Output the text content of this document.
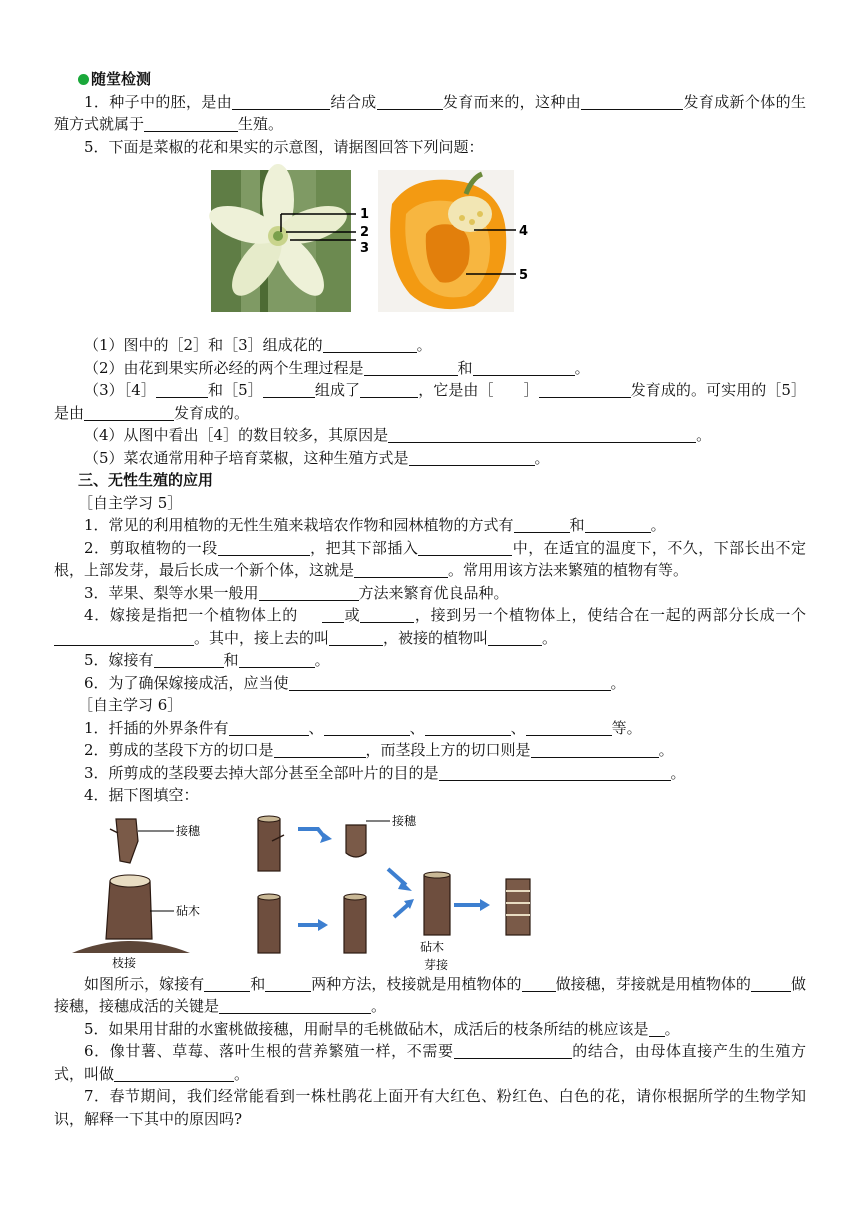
随堂检测

1．种子中的胚，是由	结合成	发育而来的，这种由	发育成新个体的生殖方式就属于	生殖。

5．下面是菜椒的花和果实的示意图，请据图回答下列问题：

1
2
3
4
5

（1）图中的［2］和［3］组成花的	。

（2）由花到果实所必经的两个生理过程是	和	。

（3）［4］	和［5］	组成了	，它是由［ ］	发育成的。可实用的［5］是由	发育成的。

（4）从图中看出［4］的数目较多，其原因是	。

（5）菜农通常用种子培育菜椒，这种生殖方式是	。

三、无性生殖的应用

［自主学习 5］

1．常见的利用植物的无性生殖来栽培农作物和园林植物的方式有	和	。

2．剪取植物的一段	，把其下部插入	中，在适宜的温度下，不久，下部长出不定根，上部发芽，最后长成一个新个体，这就是	。常用用该方法来繁殖的植物有等。

3．苹果、梨等水果一般用	方法来繁育优良品种。

4．嫁接是指把一个植物体上的	或	，接到另一个植物体上，使结合在一起的两部分长成一个。其中，接上去的叫	，被接的植物叫	。

5．嫁接有	和	。

6．为了确保嫁接成活，应当使	。

［自主学习 6］

1．扦插的外界条件有	、	、	、	等。

2．剪成的茎段下方的切口是	，而茎段上方的切口则是	。

3．所剪成的茎段要去掉大部分甚至全部叶片的目的是	。

4．据下图填空：

接穗
砧木
枝接
接穗
砧木
芽接

如图所示，嫁接有	和	两种方法，枝接就是用植物体的 做接穗，芽接就是用植物体的	做接穗，接穗成活的关键是	。

5．如果用甘甜的水蜜桃做接穗，用耐旱的毛桃做砧木，成活后的枝条所结的桃应该是 。

6．像甘薯、草莓、落叶生根的营养繁殖一样，不需要	的结合，由母体直接产生的生殖方式，叫做	。

7．春节期间，我们经常能看到一株杜鹃花上面开有大红色、粉红色、白色的花，请你根据所学的生物学知识，解释一下其中的原因吗?
